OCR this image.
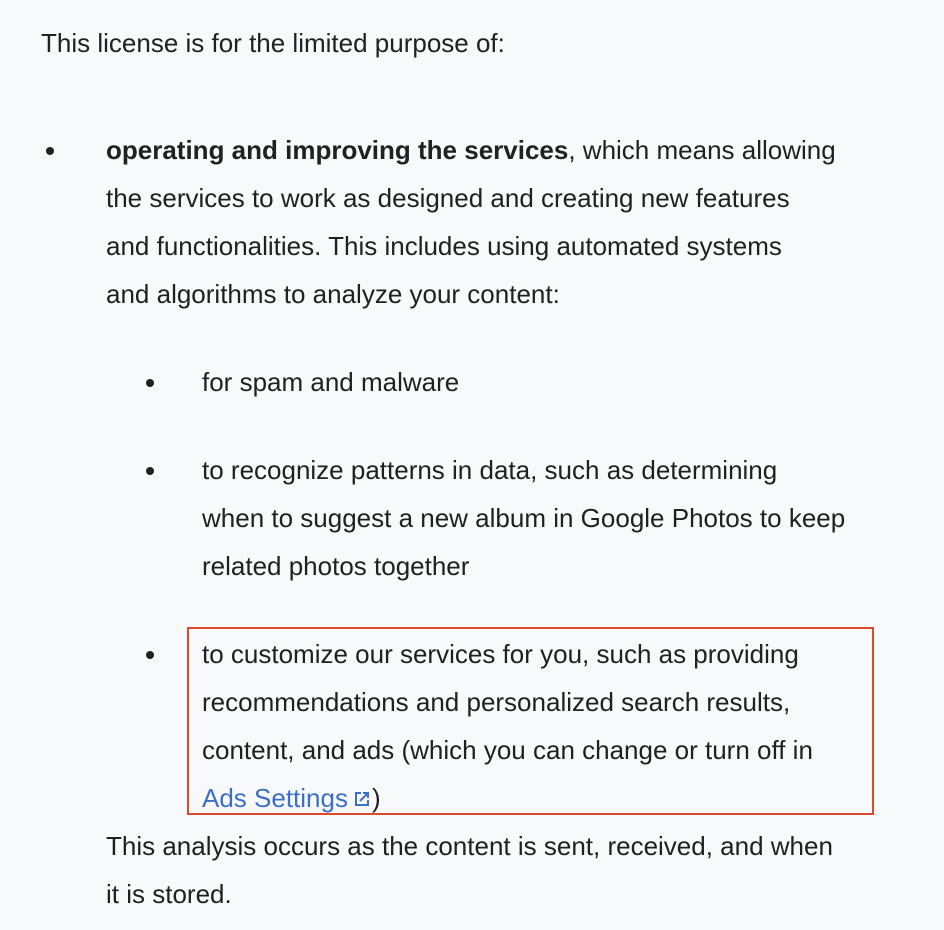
This license is for the limited purpose of:

operating and improving the services, which means allowing
the services to work as designed and creating new features
and functionalities. This includes using automated systems
and algorithms to analyze your content:
for spam and malware
to recognize patterns in data, such as determining
when to suggest a new album in Google Photos to keep
related photos together
to customize our services for you, such as providing
recommendations and personalized search results,
content, and ads (which you can change or turn off in
Ads Settings )
This analysis occurs as the content is sent, received, and when
it is stored.
